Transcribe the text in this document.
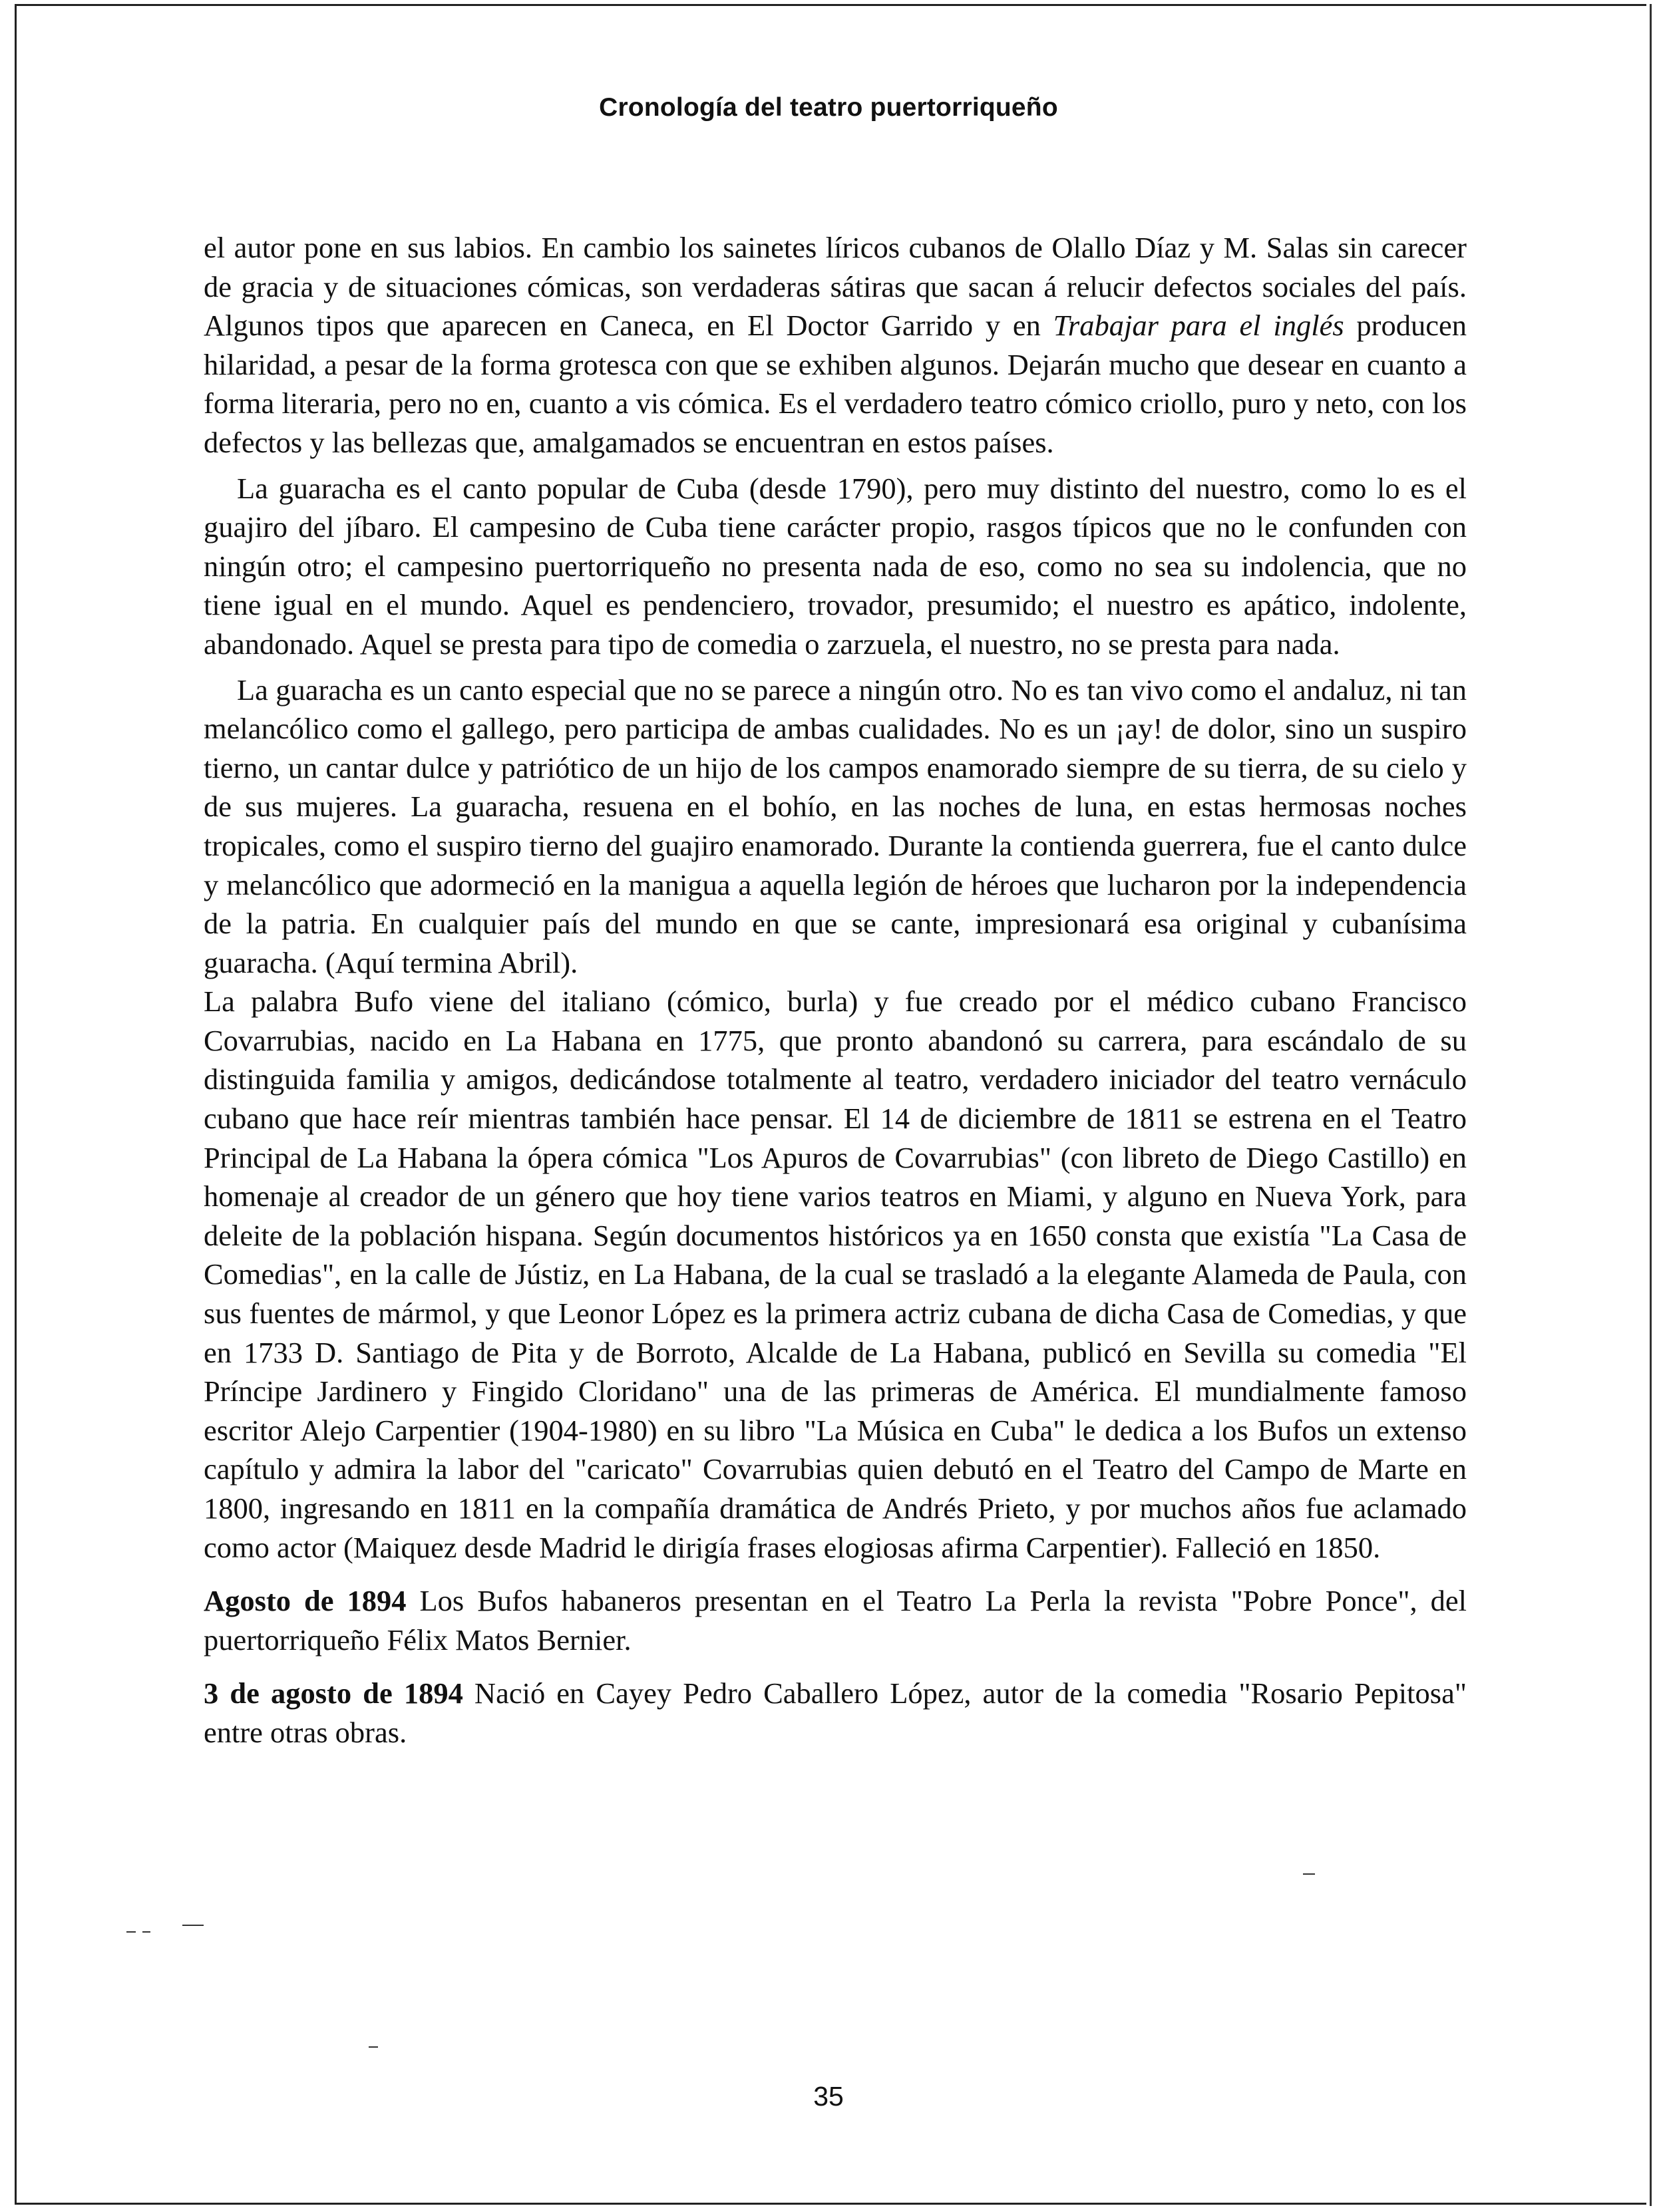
Cronología del teatro puertorriqueño

el autor pone en sus labios. En cambio los sainetes líricos cubanos de Olallo Díaz y M. Salas sin carecer de gracia y de situaciones cómicas, son verdaderas sátiras que sacan á relucir defectos sociales del país. Algunos tipos que aparecen en Caneca, en El Doctor Garrido y en Trabajar para el inglés producen hilaridad, a pesar de la forma grotesca con que se exhiben algunos. Dejarán mucho que desear en cuanto a forma literaria, pero no en, cuanto a vis cómica. Es el verdadero teatro cómico criollo, puro y neto, con los defectos y las bellezas que, amalgamados se encuentran en estos países.

La guaracha es el canto popular de Cuba (desde 1790), pero muy distinto del nuestro, como lo es el guajiro del jíbaro. El campesino de Cuba tiene carácter propio, rasgos típicos que no le confunden con ningún otro; el campesino puertorriqueño no presenta nada de eso, como no sea su indolencia, que no tiene igual en el mundo. Aquel es pendenciero, trovador, presumido; el nuestro es apático, indolente, abandonado. Aquel se presta para tipo de comedia o zarzuela, el nuestro, no se presta para nada.

La guaracha es un canto especial que no se parece a ningún otro. No es tan vivo como el andaluz, ni tan melancólico como el gallego, pero participa de ambas cualidades. No es un ¡ay! de dolor, sino un suspiro tierno, un cantar dulce y patriótico de un hijo de los campos enamorado siempre de su tierra, de su cielo y de sus mujeres. La guaracha, resuena en el bohío, en las noches de luna, en estas hermosas noches tropicales, como el suspiro tierno del guajiro enamorado. Durante la contienda guerrera, fue el canto dulce y melancólico que adormeció en la manigua a aquella legión de héroes que lucharon por la independencia de la patria. En cualquier país del mundo en que se cante, impresionará esa original y cubanísima guaracha. (Aquí termina Abril).

La palabra Bufo viene del italiano (cómico, burla) y fue creado por el médico cubano Francisco Covarrubias, nacido en La Habana en 1775, que pronto abandonó su carrera, para escándalo de su distinguida familia y amigos, dedicándose totalmente al teatro, verdadero iniciador del teatro vernáculo cubano que hace reír mientras también hace pensar. El 14 de diciembre de 1811 se estrena en el Teatro Principal de La Habana la ópera cómica "Los Apuros de Covarrubias" (con libreto de Diego Castillo) en homenaje al creador de un género que hoy tiene varios teatros en Miami, y alguno en Nueva York, para deleite de la población hispana. Según documentos históricos ya en 1650 consta que existía "La Casa de Comedias", en la calle de Jústiz, en La Habana, de la cual se trasladó a la elegante Alameda de Paula, con sus fuentes de mármol, y que Leonor López es la primera actriz cubana de dicha Casa de Comedias, y que en 1733 D. Santiago de Pita y de Borroto, Alcalde de La Habana, publicó en Sevilla su comedia "El Príncipe Jardinero y Fingido Cloridano" una de las primeras de América. El mundialmente famoso escritor Alejo Carpentier (1904-1980) en su libro "La Música en Cuba" le dedica a los Bufos un extenso capítulo y admira la labor del "caricato" Covarrubias quien debutó en el Teatro del Campo de Marte en 1800, ingresando en 1811 en la compañía dramática de Andrés Prieto, y por muchos años fue aclamado como actor (Maiquez desde Madrid le dirigía frases elogiosas afirma Carpentier). Falleció en 1850.

Agosto de 1894 Los Bufos habaneros presentan en el Teatro La Perla la revista "Pobre Ponce", del puertorriqueño Félix Matos Bernier.

3 de agosto de 1894 Nació en Cayey Pedro Caballero López, autor de la comedia "Rosario Pepitosa" entre otras obras.

35
